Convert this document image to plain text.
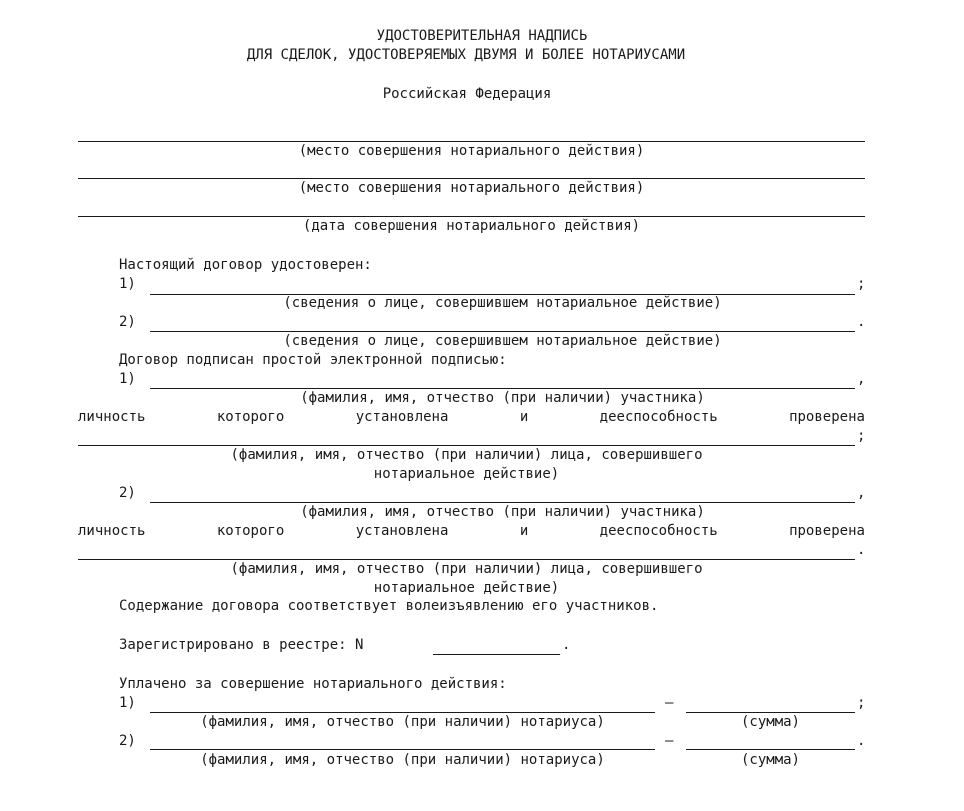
УДОСТОВЕРИТЕЛЬНАЯ НАДПИСЬ
ДЛЯ СДЕЛОК, УДОСТОВЕРЯЕМЫХ ДВУМЯ И БОЛЕЕ НОТАРИУСАМИ
Российская Федерация
(место совершения нотариального действия)
(место совершения нотариального действия)
(дата совершения нотариального действия)
Настоящий договор удостоверен:
1)	;
(сведения о лице, совершившем нотариальное действие)
2)	.
(сведения о лице, совершившем нотариальное действие)
Договор подписан простой электронной подписью:
1)	,
(фамилия, имя, отчество (при наличии) участника)
личность	которого	установлена	и	дееспособность	проверена
;
(фамилия, имя, отчество (при наличии) лица, совершившего
нотариальное действие)
2)	,
(фамилия, имя, отчество (при наличии) участника)
личность	которого	установлена	и	дееспособность	проверена
.
(фамилия, имя, отчество (при наличии) лица, совершившего
нотариальное действие)
Содержание договора соответствует волеизъявлению его участников.
Зарегистрировано в реестре: N	.
Уплачено за совершение нотариального действия:
1)	–	;
(фамилия, имя, отчество (при наличии) нотариуса)	(сумма)
2)	–	.
(фамилия, имя, отчество (при наличии) нотариуса)	(сумма)
